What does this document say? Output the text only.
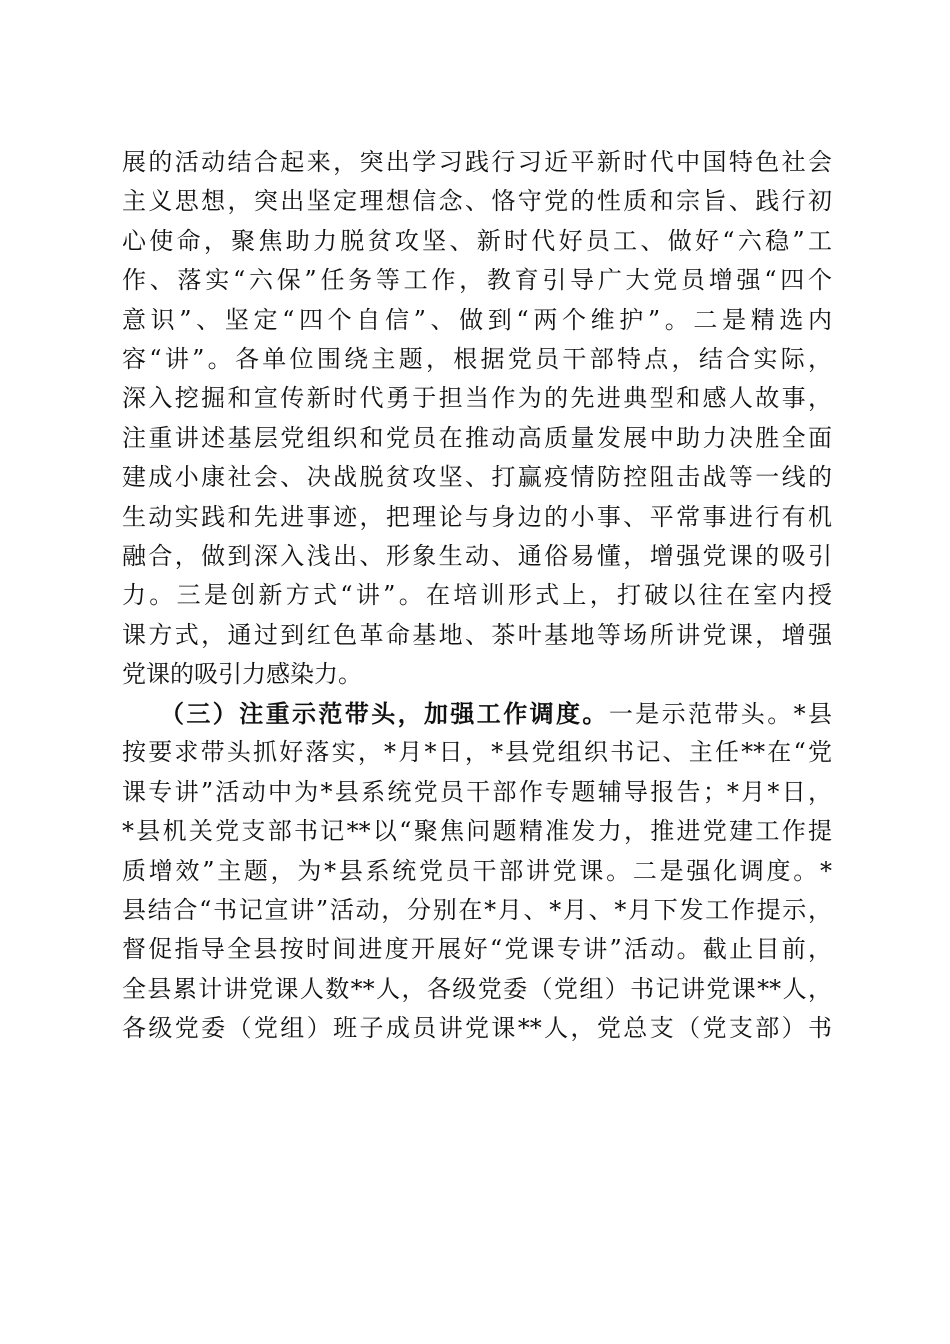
展的活动结合起来，突出学习践行习近平新时代中国特色社会
主义思想，突出坚定理想信念、恪守党的性质和宗旨、践行初
心使命，聚焦助力脱贫攻坚、新时代好员工、做好“六稳”工
作、落实“六保”任务等工作，教育引导广大党员增强“四个
意识”、坚定“四个自信”、做到“两个维护”。二是精选内
容“讲”。各单位围绕主题，根据党员干部特点，结合实际，
深入挖掘和宣传新时代勇于担当作为的先进典型和感人故事，
注重讲述基层党组织和党员在推动高质量发展中助力决胜全面
建成小康社会、决战脱贫攻坚、打赢疫情防控阻击战等一线的
生动实践和先进事迹，把理论与身边的小事、平常事进行有机
融合，做到深入浅出、形象生动、通俗易懂，增强党课的吸引
力。三是创新方式“讲”。在培训形式上，打破以往在室内授
课方式，通过到红色革命基地、茶叶基地等场所讲党课，增强
党课的吸引力感染力。
（三）注重示范带头，加强工作调度。一是示范带头。*县
按要求带头抓好落实，*月*日，*县党组织书记、主任**在“党
课专讲”活动中为*县系统党员干部作专题辅导报告；*月*日，
*县机关党支部书记**以“聚焦问题精准发力，推进党建工作提
质增效”主题，为*县系统党员干部讲党课。二是强化调度。*
县结合“书记宣讲”活动，分别在*月、*月、*月下发工作提示，
督促指导全县按时间进度开展好“党课专讲”活动。截止目前，
全县累计讲党课人数**人，各级党委（党组）书记讲党课**人，
各级党委（党组）班子成员讲党课**人，党总支（党支部）书
